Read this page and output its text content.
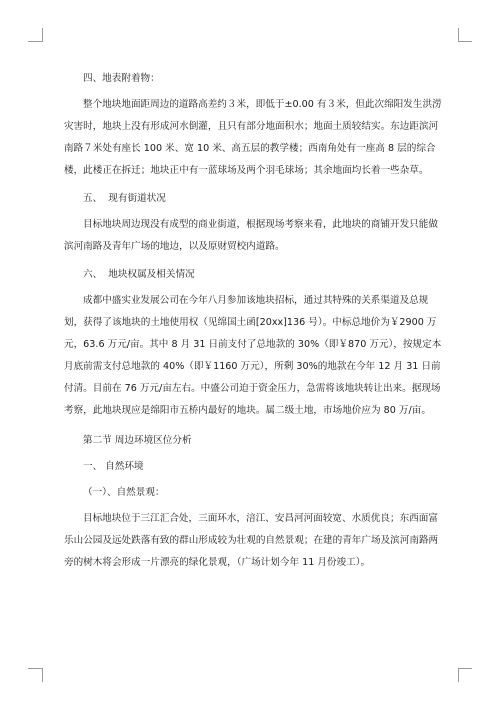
四、地表附着物：

整个地块地面距周边的道路高差约３米，即低于±0.00 有３米，但此次绵阳发生洪涝灾害时，地块上没有形成河水倒灌，且只有部分地面积水；地面土质较结实。东边距滨河南路７米处有座长 100 米、宽 10 米、高五层的教学楼；西南角处有一座高 8 层的综合楼，此楼正在拆迁；地块正中有一蓝球场及两个羽毛球场；其余地面均长着一些杂草。

五、  现有街道状况

目标地块周边现没有成型的商业街道，根据现场考察来看，此地块的商铺开发只能做滨河南路及青年广场的地边，以及原财贸校内道路。

六、  地块权属及相关情况

成都中盛实业发展公司在今年八月参加该地块招标，通过其特殊的关系渠道及总规划，获得了该地块的土地使用权（见绵国土函[20xx]136 号）。中标总地价为￥2900 万元，63.6 万元/亩。其中 8 月 31 日前支付了总地款的 30%（即￥870 万元），按规定本月底前需支付总地款的 40%（即￥1160 万元），所剩 30%的地款在今年 12 月 31 日前付清。目前在 76 万元/亩左右。中盛公司迫于资金压力，急需将该地块转让出来。据现场考察，此地块现应是绵阳市五桥内最好的地块。属二级土地，市场地价应为 80 万/亩。

第二节 周边环境区位分析

一、 自然环境

（一）、自然景观：

目标地块位于三江汇合处，三面环水，涪江、安昌河河面较宽、水质优良；东西面富乐山公园及远处跌落有致的群山形成较为壮观的自然景观；在建的青年广场及滨河南路两旁的树木将会形成一片漂亮的绿化景观，（广场计划今年 11 月份竣工）。
